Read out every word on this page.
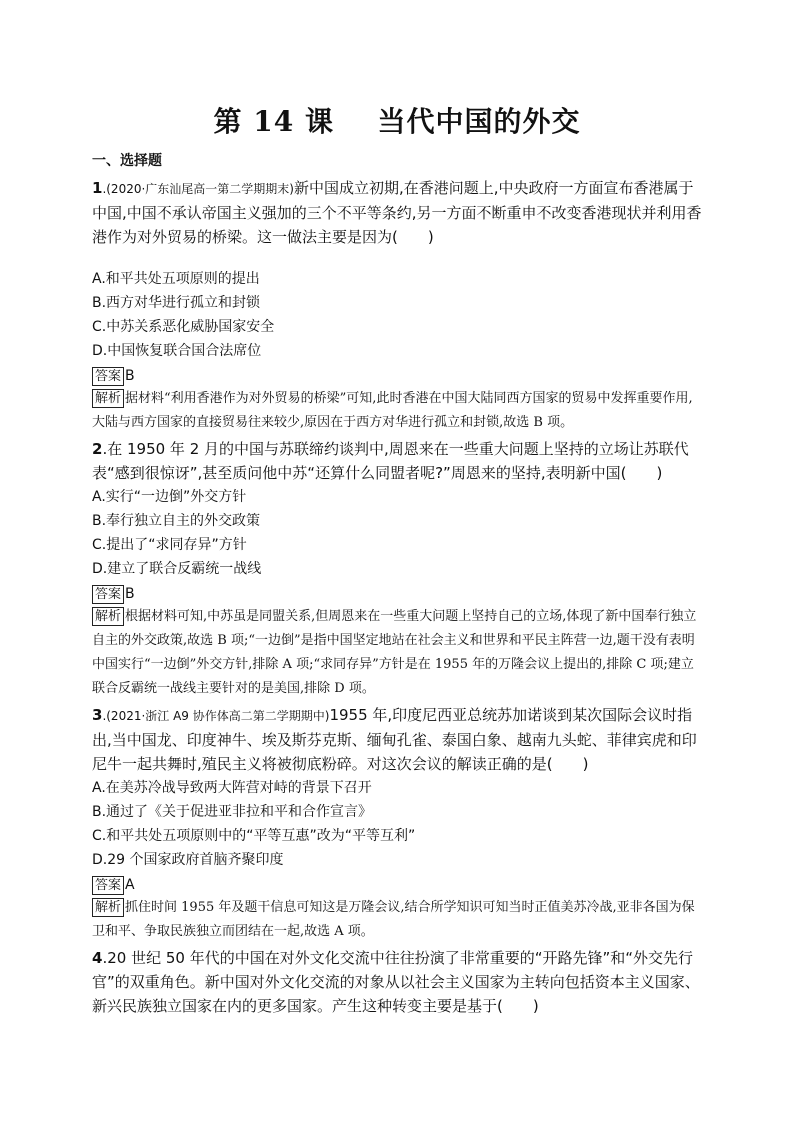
第 14 课 当代中国的外交
一、选择题

1.(2020·广东汕尾高一第二学期期末)新中国成立初期,在香港问题上,中央政府一方面宣布香港属于中国,中国不承认帝国主义强加的三个不平等条约,另一方面不断重申不改变香港现状并利用香港作为对外贸易的桥梁。这一做法主要是因为( )

A.和平共处五项原则的提出
B.西方对华进行孤立和封锁
C.中苏关系恶化威胁国家安全
D.中国恢复联合国合法席位
答案 B

解析 据材料“利用香港作为对外贸易的桥梁”可知,此时香港在中国大陆同西方国家的贸易中发挥重要作用,大陆与西方国家的直接贸易往来较少,原因在于西方对华进行孤立和封锁,故选 B 项。

2.在 1950 年 2 月的中国与苏联缔约谈判中,周恩来在一些重大问题上坚持的立场让苏联代表“感到很惊讶”,甚至质问他中苏“还算什么同盟者呢?”周恩来的坚持,表明新中国( )

A.实行“一边倒”外交方针
B.奉行独立自主的外交政策
C.提出了“求同存异”方针
D.建立了联合反霸统一战线
答案 B

解析 根据材料可知,中苏虽是同盟关系,但周恩来在一些重大问题上坚持自己的立场,体现了新中国奉行独立自主的外交政策,故选 B 项;“一边倒”是指中国坚定地站在社会主义和世界和平民主阵营一边,题干没有表明中国实行“一边倒”外交方针,排除 A 项;“求同存异”方针是在 1955 年的万隆会议上提出的,排除 C 项;建立联合反霸统一战线主要针对的是美国,排除 D 项。

3.(2021·浙江 A9 协作体高二第二学期期中)1955 年,印度尼西亚总统苏加诺谈到某次国际会议时指出,当中国龙、印度神牛、埃及斯芬克斯、缅甸孔雀、泰国白象、越南九头蛇、菲律宾虎和印尼牛一起共舞时,殖民主义将被彻底粉碎。对这次会议的解读正确的是( )

A.在美苏冷战导致两大阵营对峙的背景下召开
B.通过了《关于促进亚非拉和平和合作宣言》
C.和平共处五项原则中的“平等互惠”改为“平等互利”
D.29 个国家政府首脑齐聚印度
答案 A

解析 抓住时间 1955 年及题干信息可知这是万隆会议,结合所学知识可知当时正值美苏冷战,亚非各国为保卫和平、争取民族独立而团结在一起,故选 A 项。

4.20 世纪 50 年代的中国在对外文化交流中往往扮演了非常重要的“开路先锋”和“外交先行官”的双重角色。新中国对外文化交流的对象从以社会主义国家为主转向包括资本主义国家、新兴民族独立国家在内的更多国家。产生这种转变主要是基于( )
